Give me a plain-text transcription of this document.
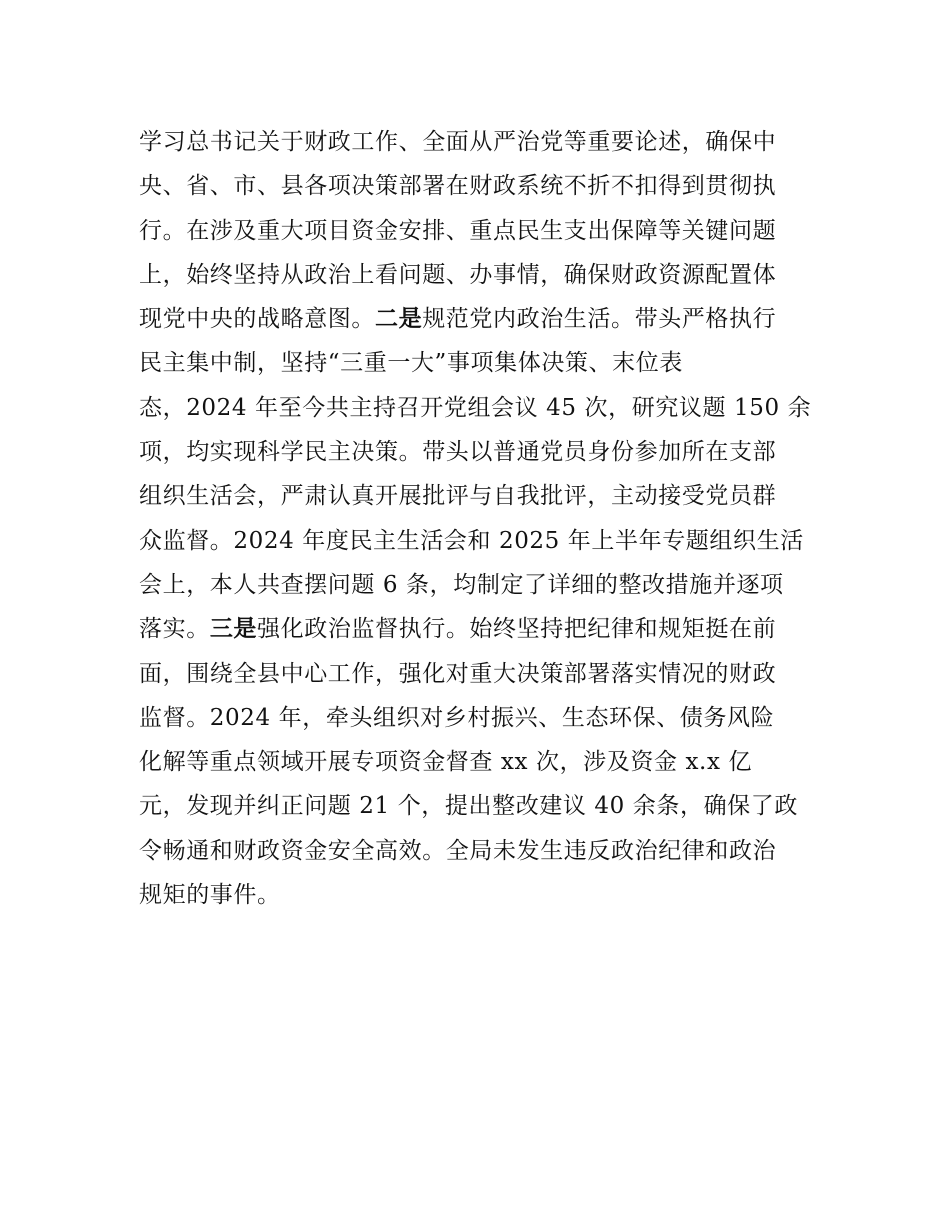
学习总书记关于财政工作、全面从严治党等重要论述，确保中
央、省、市、县各项决策部署在财政系统不折不扣得到贯彻执
行。在涉及重大项目资金安排、重点民生支出保障等关键问题
上，始终坚持从政治上看问题、办事情，确保财政资源配置体
现党中央的战略意图。二是规范党内政治生活。带头严格执行
民主集中制，坚持“三重一大”事项集体决策、末位表
态，2024 年至今共主持召开党组会议 45 次，研究议题 150 余
项，均实现科学民主决策。带头以普通党员身份参加所在支部
组织生活会，严肃认真开展批评与自我批评，主动接受党员群
众监督。2024 年度民主生活会和 2025 年上半年专题组织生活
会上，本人共查摆问题 6 条，均制定了详细的整改措施并逐项
落实。三是强化政治监督执行。始终坚持把纪律和规矩挺在前
面，围绕全县中心工作，强化对重大决策部署落实情况的财政
监督。2024 年，牵头组织对乡村振兴、生态环保、债务风险
化解等重点领域开展专项资金督查 xx 次，涉及资金 x.x 亿
元，发现并纠正问题 21 个，提出整改建议 40 余条，确保了政
令畅通和财政资金安全高效。全局未发生违反政治纪律和政治
规矩的事件。
